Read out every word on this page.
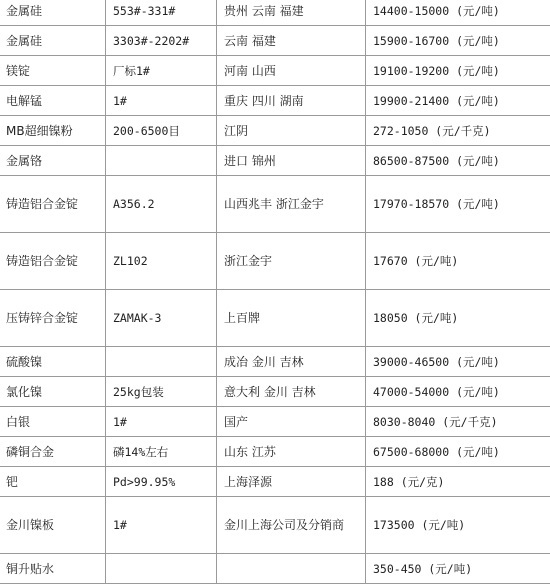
金属硅	553#-331#	贵州 云南 福建	14400-15000 (元/吨)
金属硅	3303#-2202#	云南 福建	15900-16700 (元/吨)
镁锭	厂标1#	河南 山西	19100-19200 (元/吨)
电解锰	1#	重庆 四川 湖南	19900-21400 (元/吨)
MB超细镍粉	200-6500目	江阴	272-1050 (元/千克)
金属铬		进口 锦州	86500-87500 (元/吨)
铸造铝合金锭	A356.2	山西兆丰 浙江金宇	17970-18570 (元/吨)
铸造铝合金锭	ZL102	浙江金宇	17670 (元/吨)
压铸锌合金锭	ZAMAK-3	上百牌	18050 (元/吨)
硫酸镍		成冶 金川 吉林	39000-46500 (元/吨)
氯化镍	25kg包装	意大利 金川 吉林	47000-54000 (元/吨)
白银	1#	国产	8030-8040 (元/千克)
磷铜合金	磷14%左右	山东 江苏	67500-68000 (元/吨)
钯	Pd>99.95%	上海泽源	188 (元/克)
金川镍板	1#	金川上海公司及分销商	173500 (元/吨)
铜升贴水			350-450 (元/吨)
